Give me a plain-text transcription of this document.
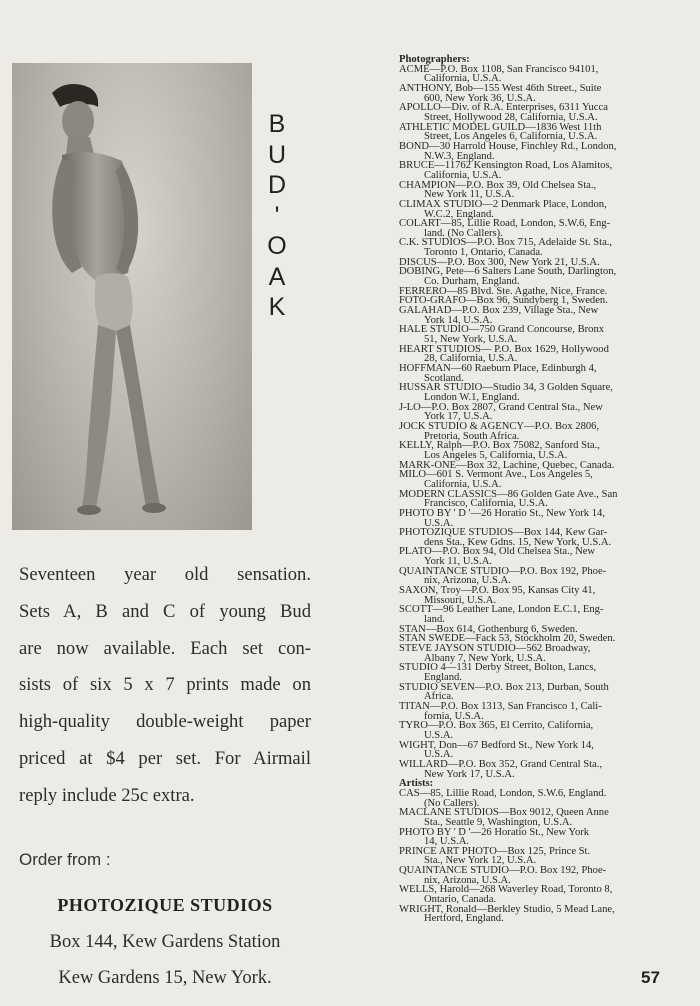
B
U
D
'
O
A
K
Seventeen year old sensation.
Sets A, B and C of young Bud
are now available. Each set con-
sists of six 5 x 7 prints made on
high-quality double-weight paper
priced at $4 per set. For Airmail
reply include 25c extra.
Order from :
PHOTOZIQUE STUDIOS
Box 144, Kew Gardens Station
Kew Gardens 15, New York.
Photographers:
ACME—P.O. Box 1108, San Francisco 94101,
California, U.S.A.
ANTHONY, Bob—155 West 46th Street., Suite
600, New York 36, U.S.A.
APOLLO—Div. of R.A. Enterprises, 6311 Yucca
Street, Hollywood 28, California, U.S.A.
ATHLETIC MODEL GUILD—1836 West 11th
Street, Los Angeles 6, California, U.S.A.
BOND—30 Harrold House, Finchley Rd., London,
N.W.3, England.
BRUCE—11762 Kensington Road, Los Alamitos,
California, U.S.A.
CHAMPION—P.O. Box 39, Old Chelsea Sta.,
New York 11, U.S.A.
CLIMAX STUDIO—2 Denmark Place, London,
W.C.2, England.
COLART—85, Lillie Road, London, S.W.6, Eng-
land. (No Callers).
C.K. STUDIOS—P.O. Box 715, Adelaide St. Sta.,
Toronto 1, Ontario, Canada.
DISCUS—P.O. Box 300, New York 21, U.S.A.
DOBING, Pete—6 Salters Lane South, Darlington,
Co. Durham, England.
FERRERO—85 Blvd. Ste. Agathe, Nice, France.
FOTO-GRAFO—Box 96, Sundyberg 1, Sweden.
GALAHAD—P.O. Box 239, Village Sta., New
York 14, U.S.A.
HALE STUDIO—750 Grand Concourse, Bronx
51, New York, U.S.A.
HEART STUDIOS— P.O. Box 1629, Hollywood
28, California, U.S.A.
HOFFMAN—60 Raeburn Place, Edinburgh 4,
Scotland.
HUSSAR STUDIO—Studio 34, 3 Golden Square,
London W.1, England.
J-LO—P.O. Box 2807, Grand Central Sta., New
York 17, U.S.A.
JOCK STUDIO & AGENCY—P.O. Box 2806,
Pretoria, South Africa.
KELLY, Ralph—P.O. Box 75082, Sanford Sta.,
Los Angeles 5, California, U.S.A.
MARK-ONE—Box 32, Lachine, Quebec, Canada.
MILO—601 S. Vermont Ave., Los Angeles 5,
California, U.S.A.
MODERN CLASSICS—86 Golden Gate Ave., San
Francisco, California, U.S.A.
PHOTO BY ' D '—26 Horatio St., New York 14,
U.S.A.
PHOTOZIQUE STUDIOS—Box 144, Kew Gar-
dens Sta., Kew Gdns. 15, New York, U.S.A.
PLATO—P.O. Box 94, Old Chelsea Sta., New
York 11, U.S.A.
QUAINTANCE STUDIO—P.O. Box 192, Phoe-
nix, Arizona, U.S.A.
SAXON, Troy—P.O. Box 95, Kansas City 41,
Missouri, U.S.A.
SCOTT—96 Leather Lane, London E.C.1, Eng-
land.
STAN—Box 614, Gothenburg 6, Sweden.
STAN SWEDE—Fack 53, Stockholm 20, Sweden.
STEVE JAYSON STUDIO—562 Broadway,
Albany 7, New York, U.S.A.
STUDIO 4—131 Derby Street, Bolton, Lancs,
England.
STUDIO SEVEN—P.O. Box 213, Durban, South
Africa.
TITAN—P.O. Box 1313, San Francisco 1, Cali-
fornia, U.S.A.
TYRO—P.O. Box 365, El Cerrito, California,
U.S.A.
WIGHT, Don—67 Bedford St., New York 14,
U.S.A.
WILLARD—P.O. Box 352, Grand Central Sta.,
New York 17, U.S.A.
Artists:
CAS—85, Lillie Road, London, S.W.6, England.
(No Callers).
MACLANE STUDIOS—Box 9012, Queen Anne
Sta., Seattle 9, Washington, U.S.A.
PHOTO BY ' D '—26 Horatio St., New York
14, U.S.A.
PRINCE ART PHOTO—Box 125, Prince St.
Sta., New York 12, U.S.A.
QUAINTANCE STUDIO—P.O. Box 192, Phoe-
nix, Arizona, U.S.A.
WELLS, Harold—268 Waverley Road, Toronto 8,
Ontario, Canada.
WRIGHT, Ronald—Berkley Studio, 5 Mead Lane,
Hertford, England.
57
